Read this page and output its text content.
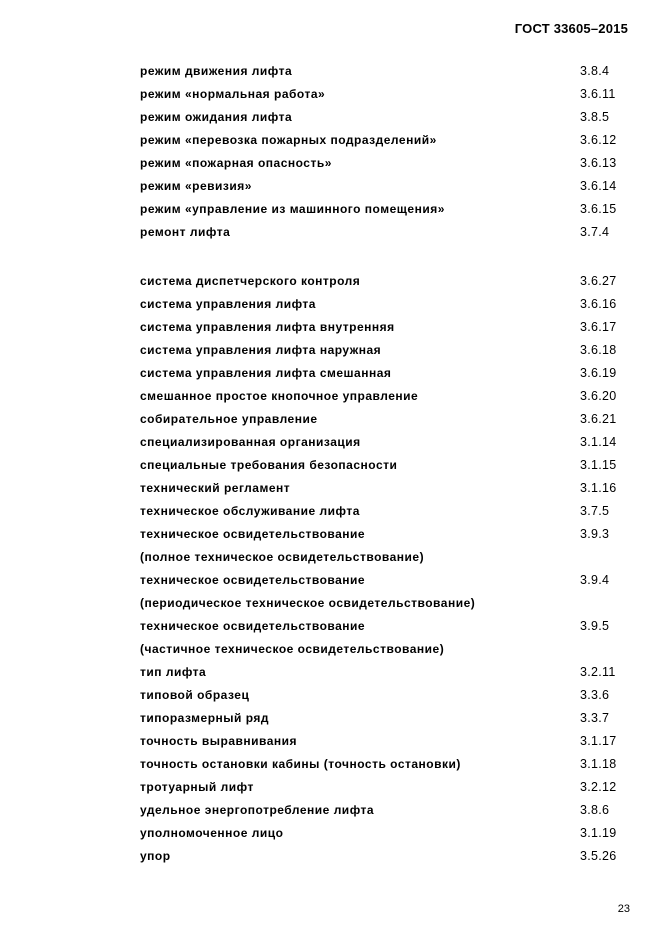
ГОСТ 33605–2015
режим движения лифта	3.8.4
режим «нормальная работа»	3.6.11
режим ожидания лифта	3.8.5
режим «перевозка пожарных подразделений»	3.6.12
режим «пожарная опасность»	3.6.13
режим «ревизия»	3.6.14
режим «управление из машинного помещения»	3.6.15
ремонт лифта	3.7.4
система диспетчерского контроля	3.6.27
система управления лифта	3.6.16
система управления лифта внутренняя	3.6.17
система управления лифта наружная	3.6.18
система управления лифта смешанная	3.6.19
смешанное простое кнопочное управление	3.6.20
собирательное управление	3.6.21
специализированная организация	3.1.14
специальные требования безопасности	3.1.15
технический регламент	3.1.16
техническое обслуживание лифта	3.7.5
техническое освидетельствование	3.9.3
(полное техническое освидетельствование)
техническое освидетельствование	3.9.4
(периодическое техническое освидетельствование)
техническое освидетельствование	3.9.5
(частичное техническое освидетельствование)
тип лифта	3.2.11
типовой образец	3.3.6
типоразмерный ряд	3.3.7
точность выравнивания	3.1.17
точность остановки кабины (точность остановки)	3.1.18
тротуарный лифт	3.2.12
удельное энергопотребление лифта	3.8.6
уполномоченное лицо	3.1.19
упор	3.5.26
23
